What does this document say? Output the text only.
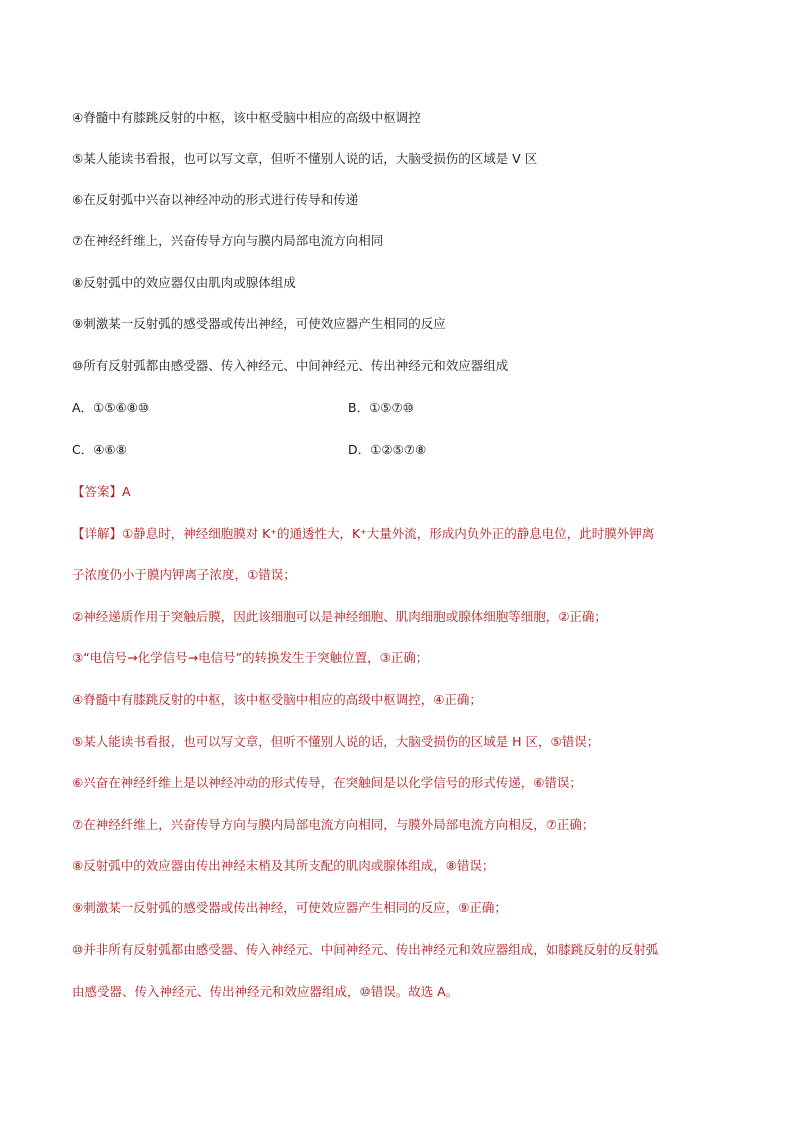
④脊髓中有膝跳反射的中枢，该中枢受脑中相应的高级中枢调控
⑤某人能读书看报，也可以写文章，但听不懂别人说的话，大脑受损伤的区域是 V 区
⑥在反射弧中兴奋以神经冲动的形式进行传导和传递
⑦在神经纤维上，兴奋传导方向与膜内局部电流方向相同
⑧反射弧中的效应器仅由肌肉或腺体组成
⑨刺激某一反射弧的感受器或传出神经，可使效应器产生相同的反应
⑩所有反射弧都由感受器、传入神经元、中间神经元、传出神经元和效应器组成
A．①⑤⑥⑧⑩	B．①⑤⑦⑩
C．④⑥⑧	D．①②⑤⑦⑧
【答案】A
【详解】①静息时，神经细胞膜对 K⁺的通透性大，K⁺大量外流，形成内负外正的静息电位，此时膜外钾离
子浓度仍小于膜内钾离子浓度，①错误；
②神经递质作用于突触后膜，因此该细胞可以是神经细胞、肌肉细胞或腺体细胞等细胞，②正确；
③“电信号→化学信号→电信号”的转换发生于突触位置，③正确；
④脊髓中有膝跳反射的中枢，该中枢受脑中相应的高级中枢调控，④正确；
⑤某人能读书看报，也可以写文章，但听不懂别人说的话，大脑受损伤的区域是 H 区，⑤错误；
⑥兴奋在神经纤维上是以神经冲动的形式传导，在突触间是以化学信号的形式传递，⑥错误；
⑦在神经纤维上，兴奋传导方向与膜内局部电流方向相同，与膜外局部电流方向相反，⑦正确；
⑧反射弧中的效应器由传出神经末梢及其所支配的肌肉或腺体组成，⑧错误；
⑨刺激某一反射弧的感受器或传出神经，可使效应器产生相同的反应，⑨正确；
⑩并非所有反射弧都由感受器、传入神经元、中间神经元、传出神经元和效应器组成，如膝跳反射的反射弧
由感受器、传入神经元、传出神经元和效应器组成，⑩错误。故选 A。
